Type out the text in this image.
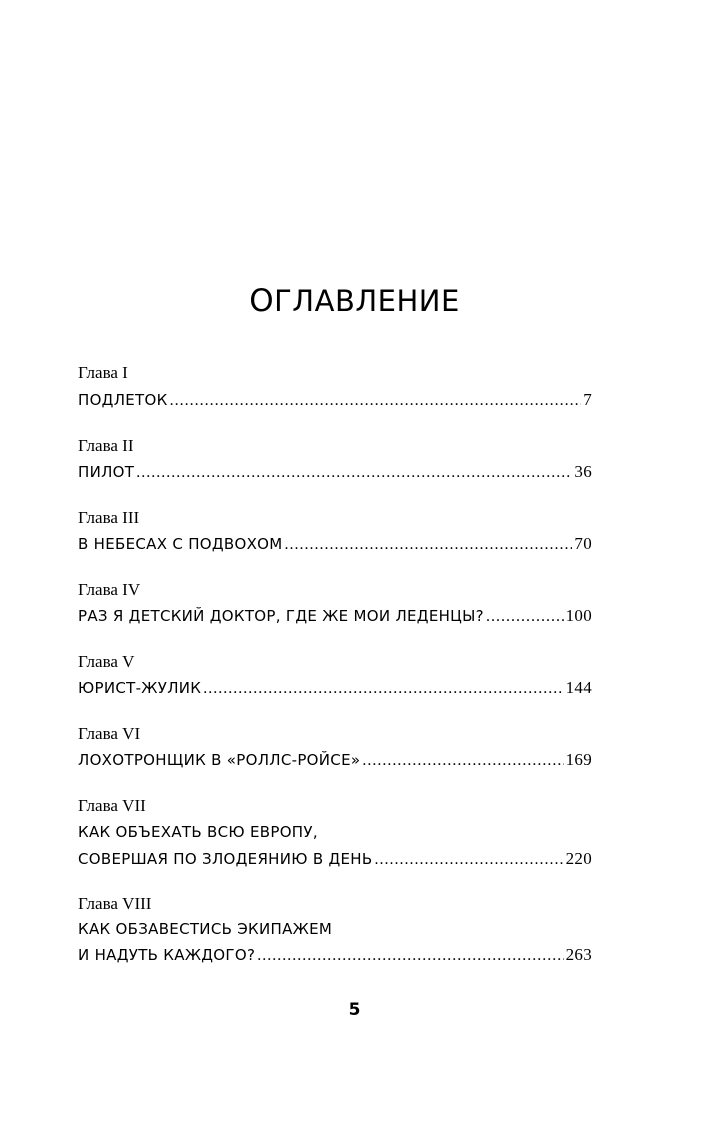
ОГЛАВЛЕНИЕ
Глава I
ПОДЛЕТОК .....	7
Глава II
ПИЛОТ .....	36
Глава III
В НЕБЕСАХ С ПОДВОХОМ .....	70
Глава IV
РАЗ Я ДЕТСКИЙ ДОКТОР, ГДЕ ЖЕ МОИ ЛЕДЕНЦЫ? .....	100
Глава V
ЮРИСТ-ЖУЛИК .....	144
Глава VI
ЛОХОТРОНЩИК В «РОЛЛС-РОЙСЕ» .....	169
Глава VII
КАК ОБЪЕХАТЬ ВСЮ ЕВРОПУ,
СОВЕРШАЯ ПО ЗЛОДЕЯНИЮ В ДЕНЬ .....	220
Глава VIII
КАК ОБЗАВЕСТИСЬ ЭКИПАЖЕМ
И НАДУТЬ КАЖДОГО? .....	263
5
